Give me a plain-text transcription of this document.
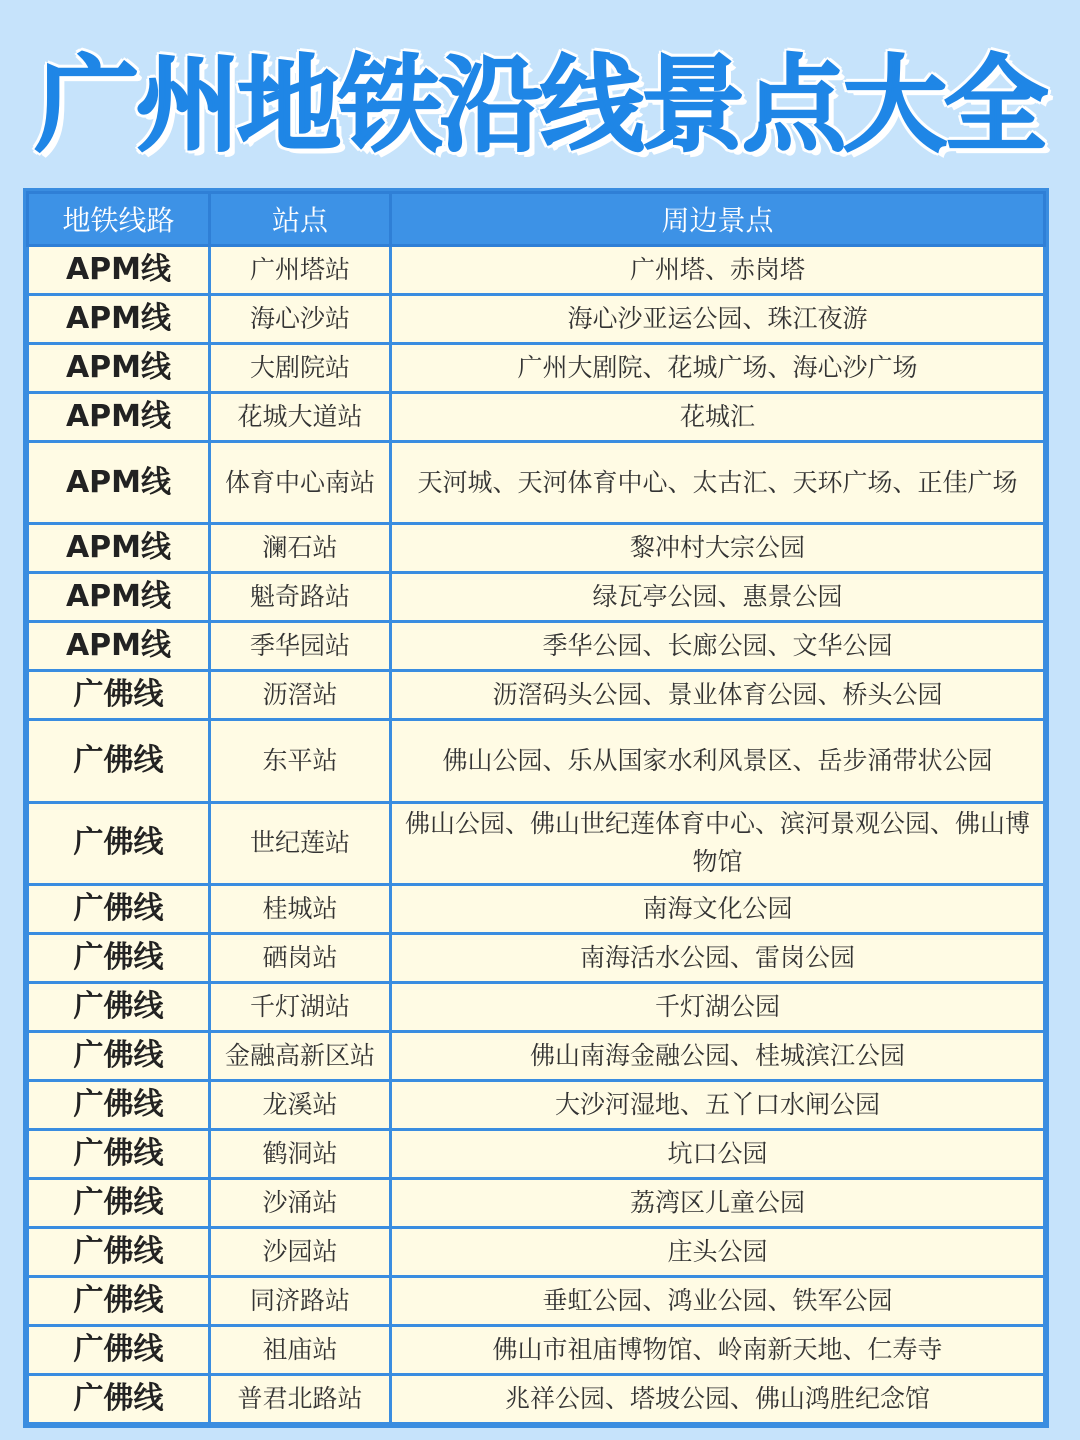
广州地铁沿线景点大全
地铁线路	站点	周边景点
APM线	广州塔站	广州塔、赤岗塔
APM线	海心沙站	海心沙亚运公园、珠江夜游
APM线	大剧院站	广州大剧院、花城广场、海心沙广场
APM线	花城大道站	花城汇
APM线	体育中心南站	天河城、天河体育中心、太古汇、天环广场、正佳广场
APM线	澜石站	黎冲村大宗公园
APM线	魁奇路站	绿瓦亭公园、惠景公园
APM线	季华园站	季华公园、长廊公园、文华公园
广佛线	沥滘站	沥滘码头公园、景业体育公园、桥头公园
广佛线	东平站	佛山公园、乐从国家水利风景区、岳步涌带状公园
广佛线	世纪莲站	佛山公园、佛山世纪莲体育中心、滨河景观公园、佛山博物馆
广佛线	桂城站	南海文化公园
广佛线	硒岗站	南海活水公园、雷岗公园
广佛线	千灯湖站	千灯湖公园
广佛线	金融高新区站	佛山南海金融公园、桂城滨江公园
广佛线	龙溪站	大沙河湿地、五丫口水闸公园
广佛线	鹤洞站	坑口公园
广佛线	沙涌站	荔湾区儿童公园
广佛线	沙园站	庄头公园
广佛线	同济路站	垂虹公园、鸿业公园、铁军公园
广佛线	祖庙站	佛山市祖庙博物馆、岭南新天地、仁寿寺
广佛线	普君北路站	兆祥公园、塔坡公园、佛山鸿胜纪念馆
